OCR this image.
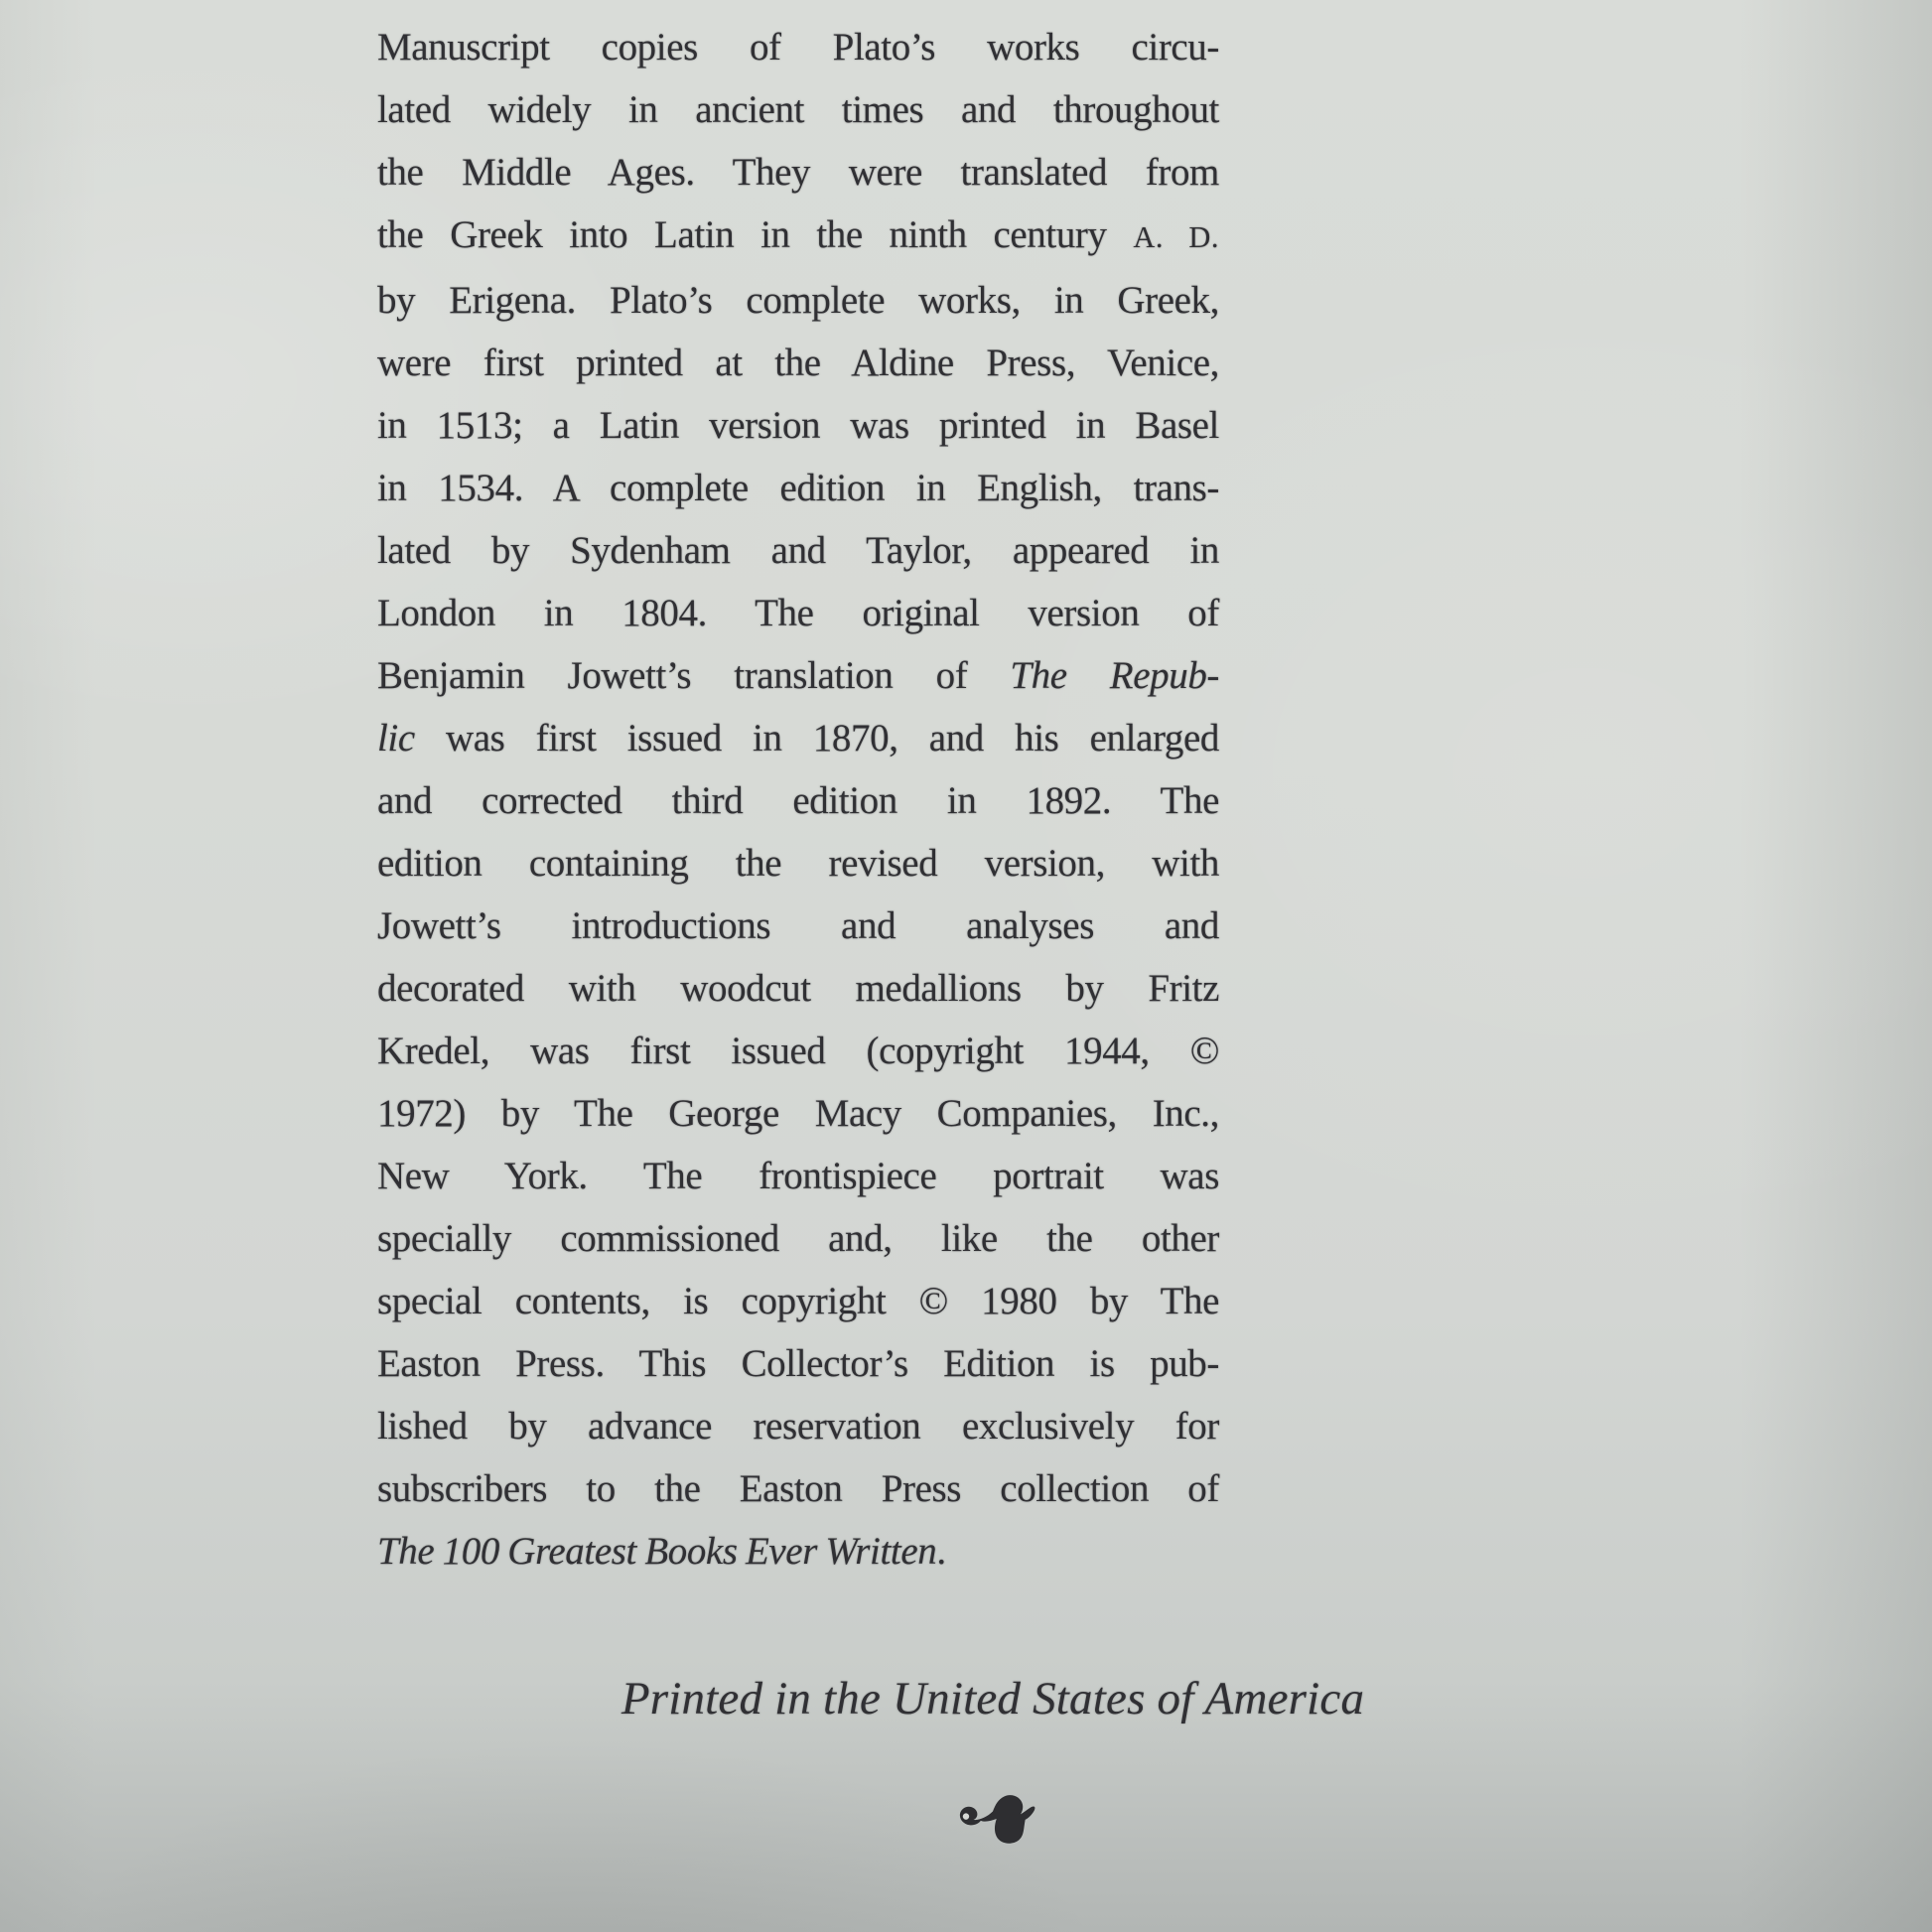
Manuscript copies of Plato’s works circu-
lated widely in ancient times and throughout
the Middle Ages. They were translated from
the Greek into Latin in the ninth century A. D.
by Erigena. Plato’s complete works, in Greek,
were first printed at the Aldine Press, Venice,
in 1513; a Latin version was printed in Basel
in 1534. A complete edition in English, trans-
lated by Sydenham and Taylor, appeared in
London in 1804. The original version of
Benjamin Jowett’s translation of The Repub-
lic was first issued in 1870, and his enlarged
and corrected third edition in 1892. The
edition containing the revised version, with
Jowett’s introductions and analyses and
decorated with woodcut medallions by Fritz
Kredel, was first issued (copyright 1944, ©
1972) by The George Macy Companies, Inc.,
New York. The frontispiece portrait was
specially commissioned and, like the other
special contents, is copyright © 1980 by The
Easton Press. This Collector’s Edition is pub-
lished by advance reservation exclusively for
subscribers to the Easton Press collection of
The 100 Greatest Books Ever Written.
Printed in the United States of America
